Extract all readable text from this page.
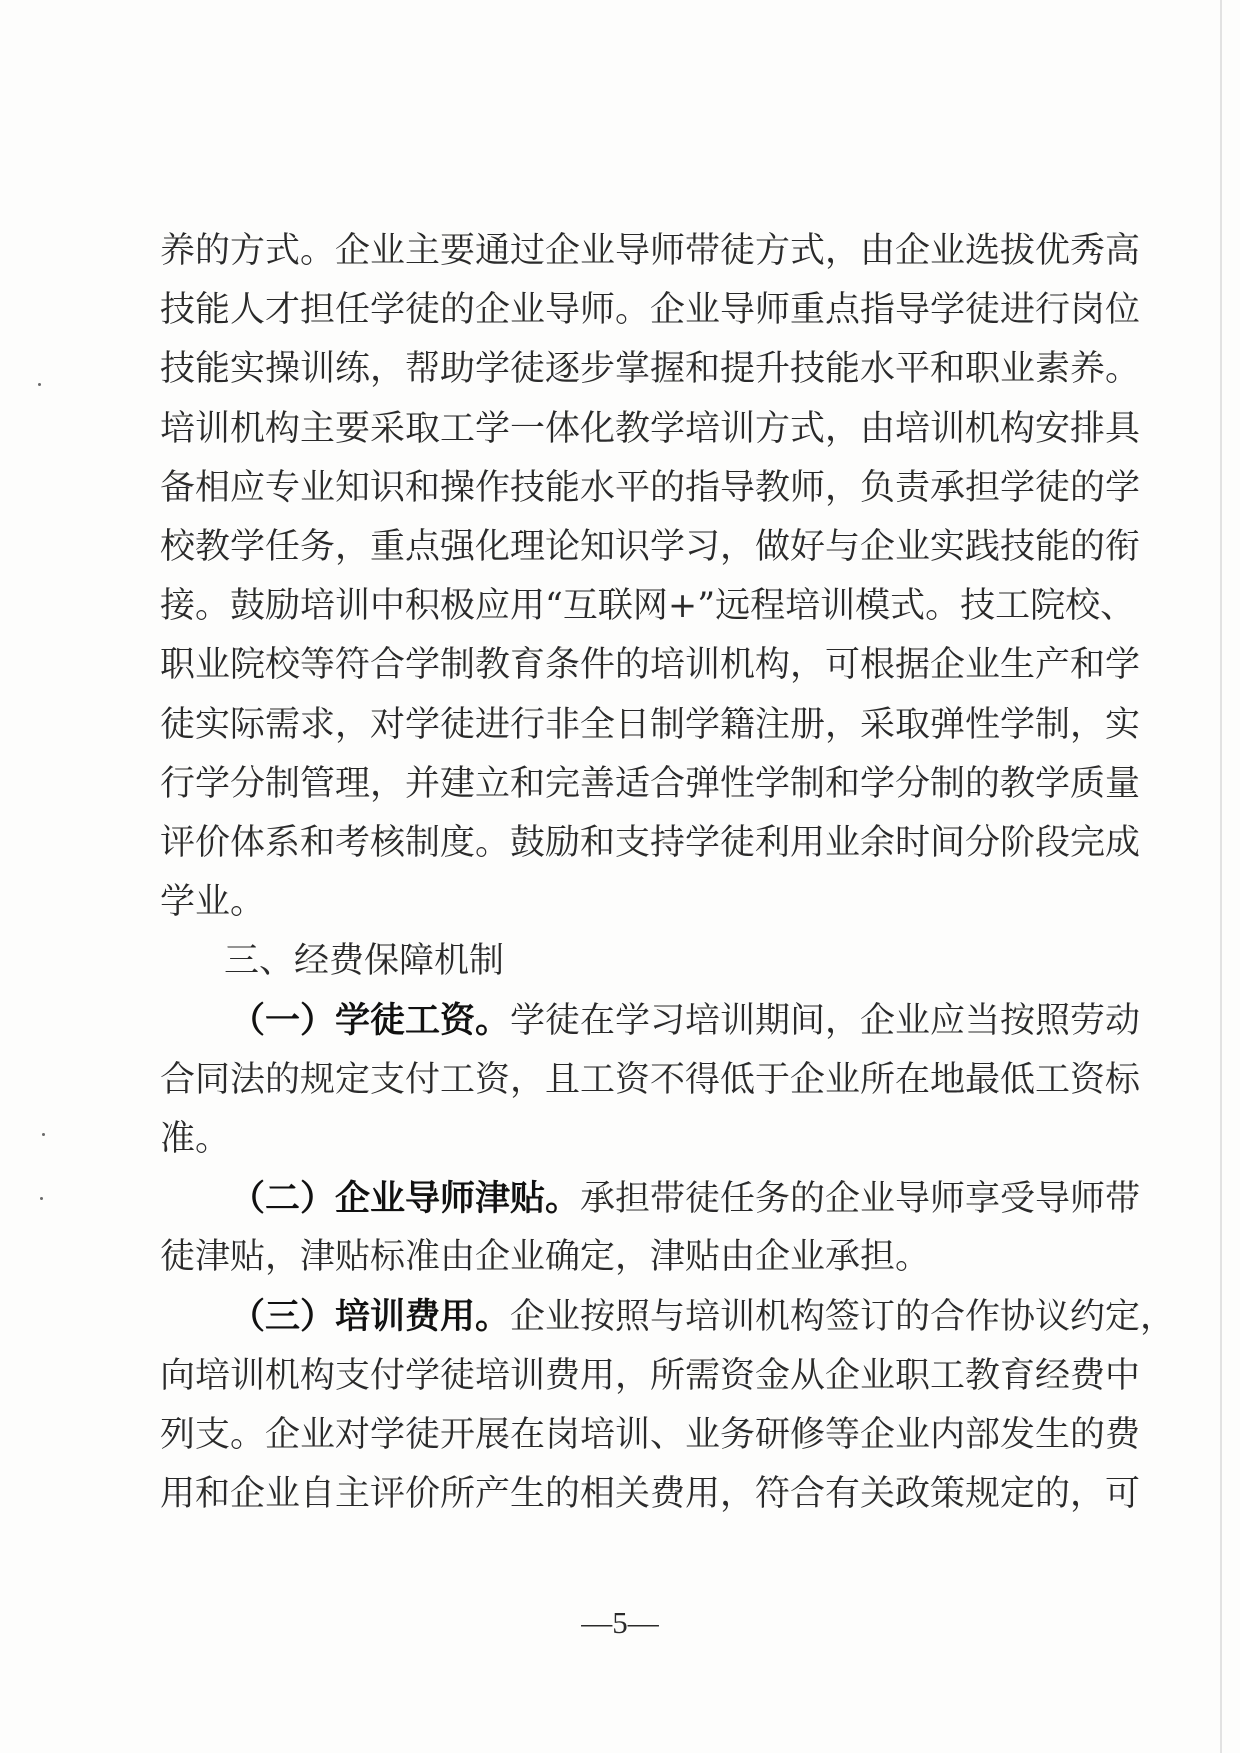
养的方式。企业主要通过企业导师带徒方式，由企业选拔优秀高
技能人才担任学徒的企业导师。企业导师重点指导学徒进行岗位
技能实操训练，帮助学徒逐步掌握和提升技能水平和职业素养。
培训机构主要采取工学一体化教学培训方式，由培训机构安排具
备相应专业知识和操作技能水平的指导教师，负责承担学徒的学
校教学任务，重点强化理论知识学习，做好与企业实践技能的衔
接。鼓励培训中积极应用“互联网+”远程培训模式。技工院校、
职业院校等符合学制教育条件的培训机构，可根据企业生产和学
徒实际需求，对学徒进行非全日制学籍注册，采取弹性学制，实
行学分制管理，并建立和完善适合弹性学制和学分制的教学质量
评价体系和考核制度。鼓励和支持学徒利用业余时间分阶段完成
学业。
三、经费保障机制
（一）学徒工资。学徒在学习培训期间，企业应当按照劳动
合同法的规定支付工资，且工资不得低于企业所在地最低工资标
准。
（二）企业导师津贴。承担带徒任务的企业导师享受导师带
徒津贴，津贴标准由企业确定，津贴由企业承担。
（三）培训费用。企业按照与培训机构签订的合作协议约定，
向培训机构支付学徒培训费用，所需资金从企业职工教育经费中
列支。企业对学徒开展在岗培训、业务研修等企业内部发生的费
用和企业自主评价所产生的相关费用，符合有关政策规定的，可
—5—
